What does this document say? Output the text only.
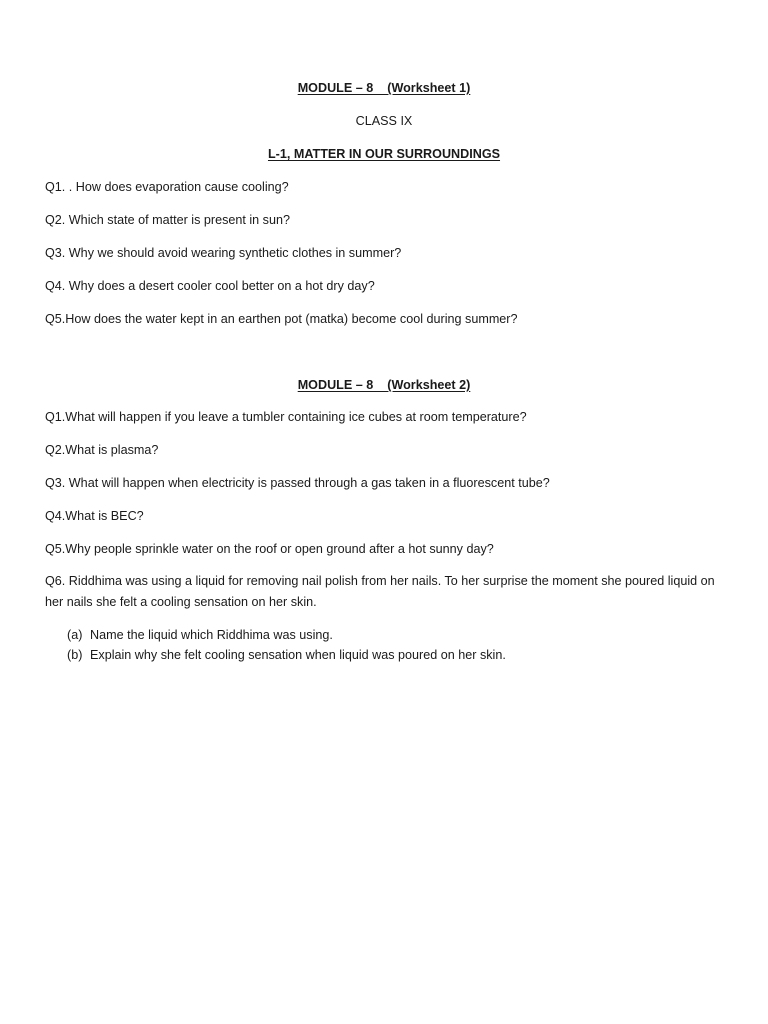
MODULE – 8    (Worksheet 1)
CLASS IX
L-1, MATTER IN OUR SURROUNDINGS
Q1. . How does evaporation cause cooling?
Q2. Which state of matter is present in sun?
Q3. Why we should avoid wearing synthetic clothes in summer?
Q4. Why does a desert cooler cool better on a hot dry day?
Q5.How does the water kept in an earthen pot (matka) become cool during summer?
MODULE – 8    (Worksheet 2)
Q1.What will happen if you leave a tumbler containing ice cubes at room temperature?
Q2.What is plasma?
Q3. What will happen when electricity is passed through a gas taken in a fluorescent tube?
Q4.What is BEC?
Q5.Why people sprinkle water on the roof or open ground after a hot sunny day?
Q6. Riddhima was using a liquid for removing nail polish from her nails. To her surprise the moment she poured liquid on her nails she felt a cooling sensation on her skin.
(a) Name the liquid which Riddhima was using.
(b) Explain why she felt cooling sensation when liquid was poured on her skin.
